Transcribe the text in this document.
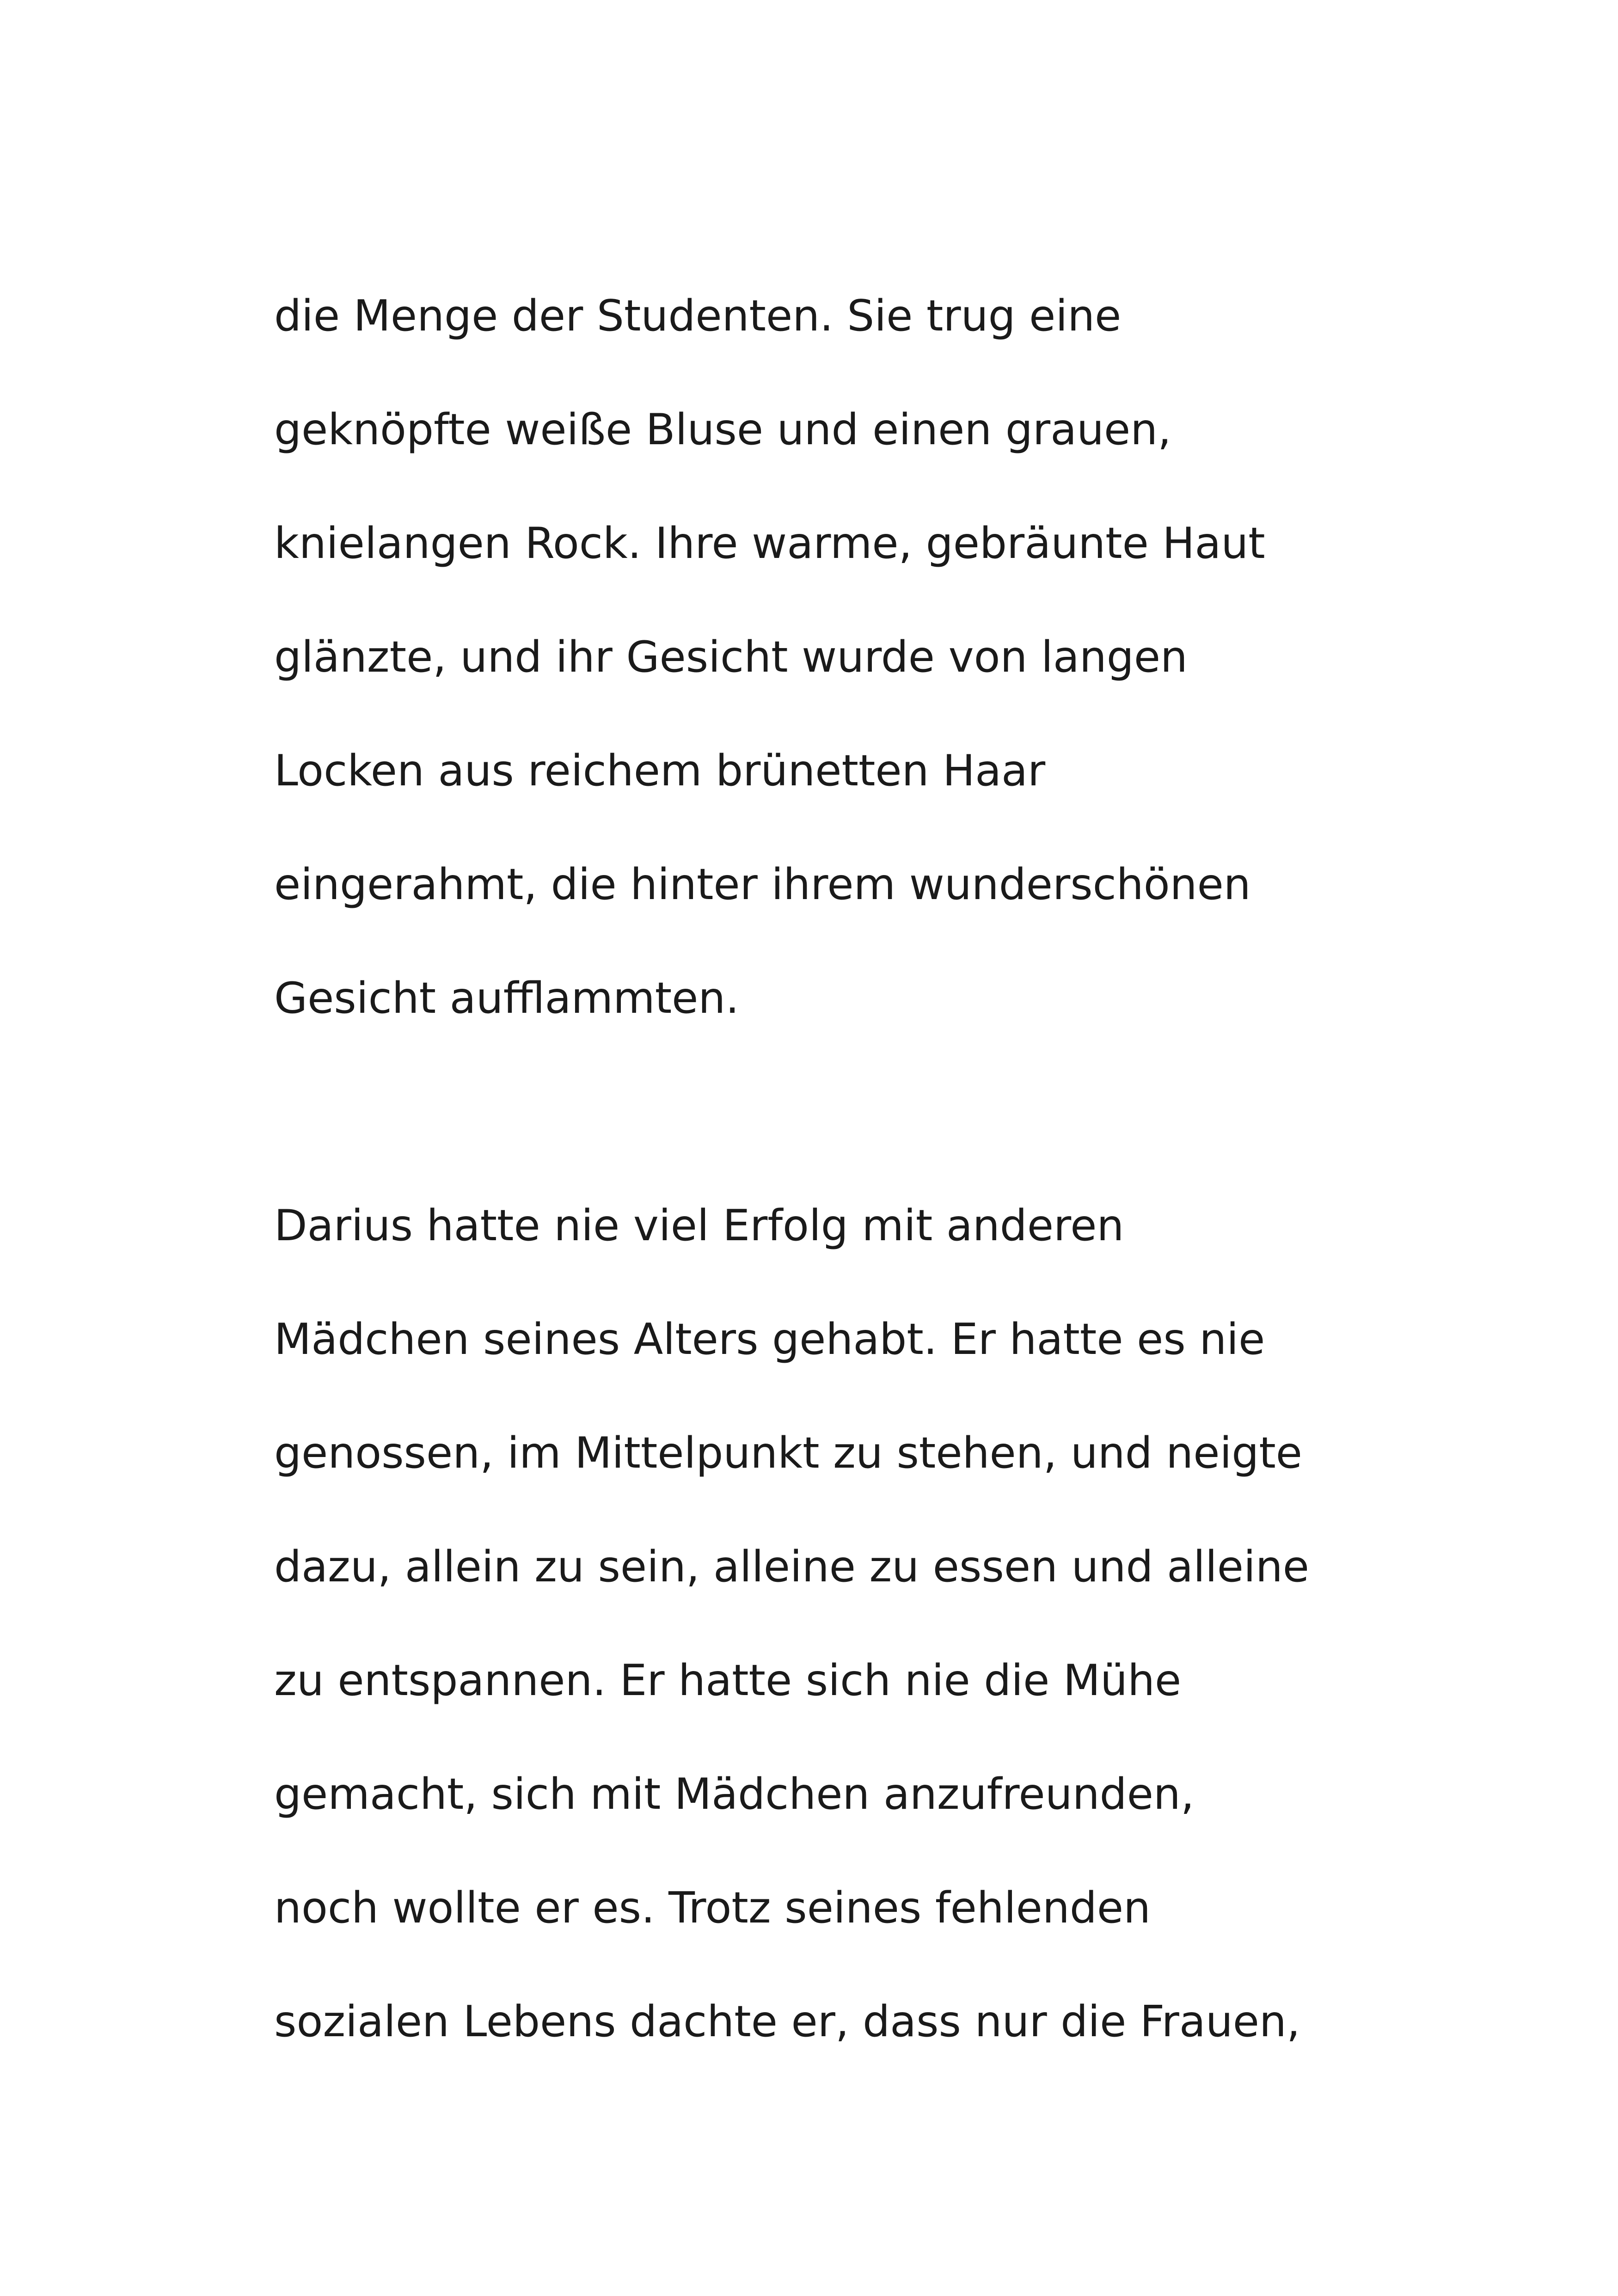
die Menge der Studenten. Sie trug eine
geknöpfte weiße Bluse und einen grauen,
knielangen Rock. Ihre warme, gebräunte Haut
glänzte, und ihr Gesicht wurde von langen
Locken aus reichem brünetten Haar
eingerahmt, die hinter ihrem wunderschönen
Gesicht aufflammten.
Darius hatte nie viel Erfolg mit anderen
Mädchen seines Alters gehabt. Er hatte es nie
genossen, im Mittelpunkt zu stehen, und neigte
dazu, allein zu sein, alleine zu essen und alleine
zu entspannen. Er hatte sich nie die Mühe
gemacht, sich mit Mädchen anzufreunden,
noch wollte er es. Trotz seines fehlenden
sozialen Lebens dachte er, dass nur die Frauen,
